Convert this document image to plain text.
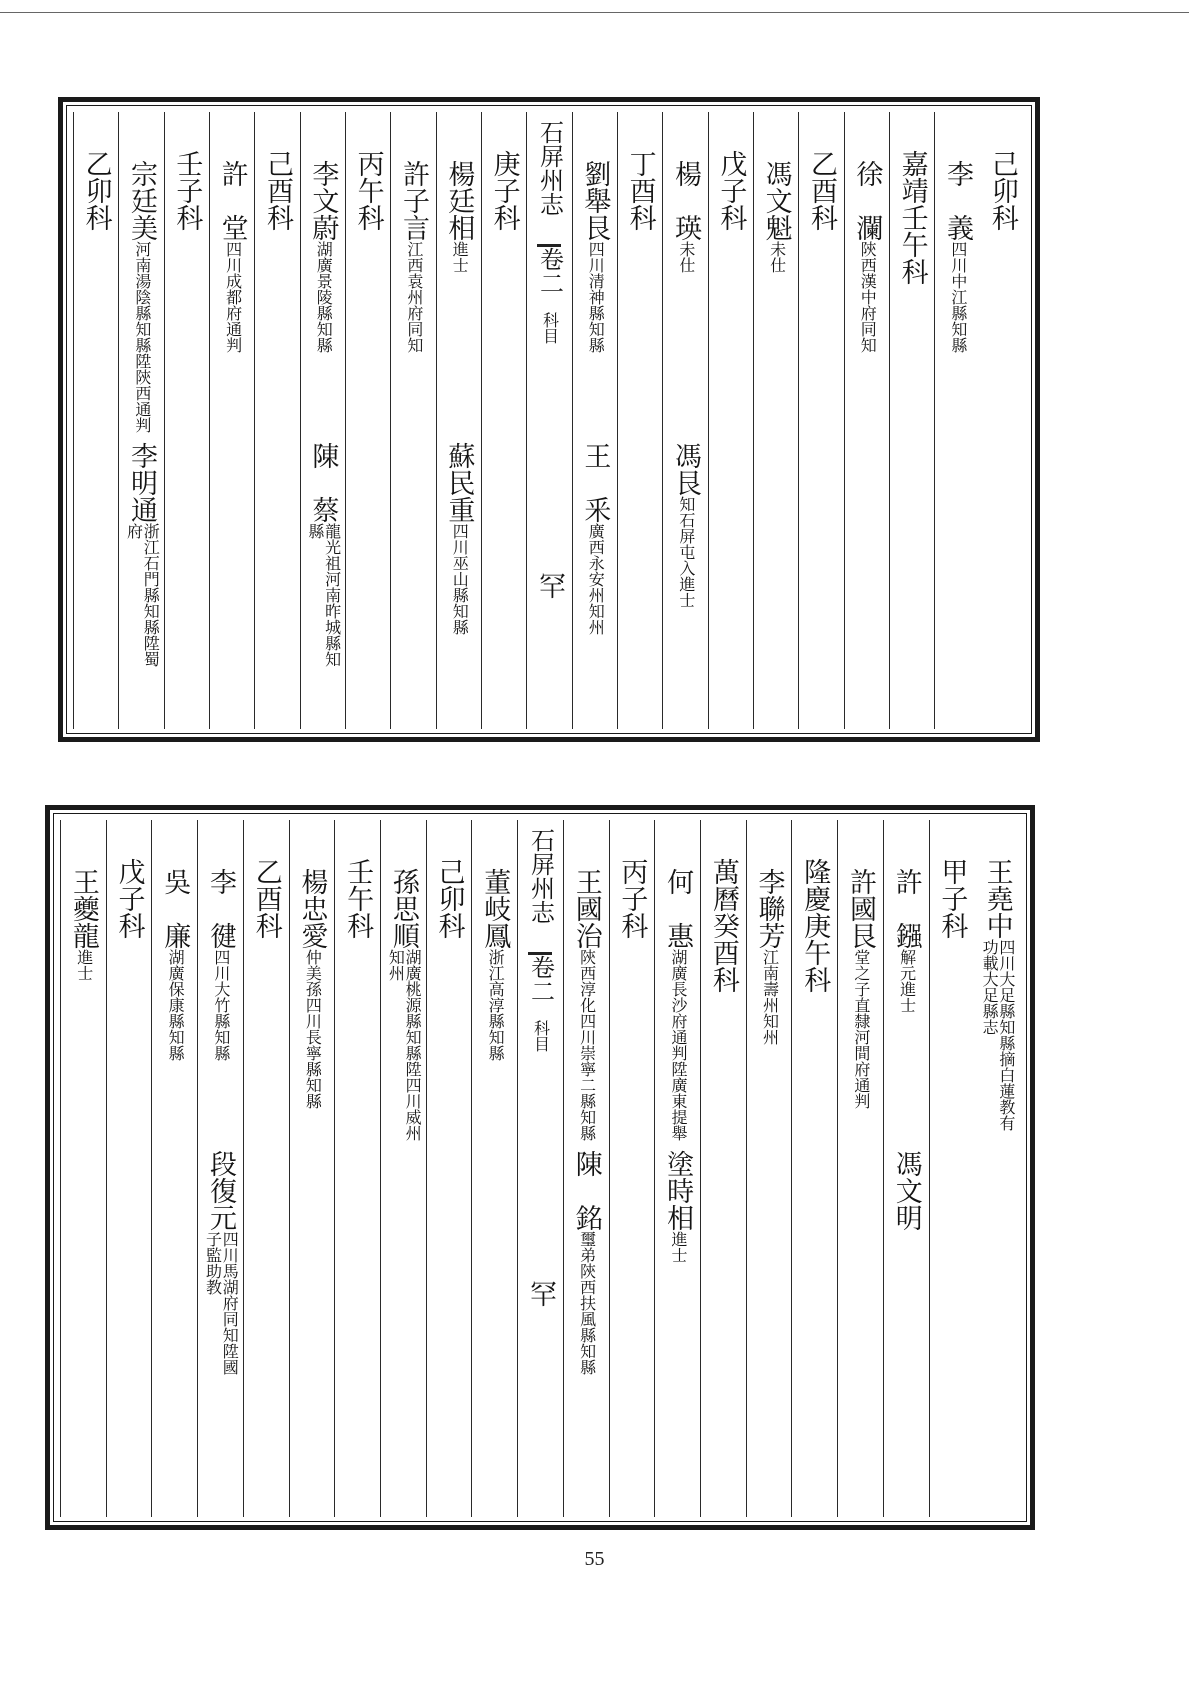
己卯科
李　義
四川中江縣知縣
嘉靖壬午科
徐　瀾
陝西漢中府同知
乙酉科
馮文魁
未仕
戊子科
楊　瑛
未仕
馮艮
知石屏屯入進士
丁酉科
劉舉艮
四川清神縣知縣
王　釆
廣西永安州知州
石屏州志
卷二
科目
罕
庚子科
楊廷相
進士
蘇民重
四川巫山縣知縣
許子言
江西袁州府同知
丙午科
李文蔚
湖廣景陵縣知縣
陳　蔡
龍光祖河南昨城縣知縣
己酉科
許　堂
四川成都府通判
壬子科
宗廷美
河南湯陰縣知縣陞陝西通判
李明通
浙江石門縣知縣陞蜀府
乙卯科
王堯中
四川大足縣知縣摘白蓮教有功載大足縣志
甲子科
許　鏹
解元進士
馮文明
許國艮
堂之子直隸河間府通判
隆慶庚午科
李聯芳
江南壽州知州
萬曆癸酉科
何　惠
湖廣長沙府通判陞廣東提舉
塗時相
進士
丙子科
王國治
陝西淳化四川崇寧二縣知縣
陳　銘
璽弟陝西扶風縣知縣
石屏州志
卷二
科目
罕
董岐鳳
浙江高淳縣知縣
己卯科
孫思順
湖廣桃源縣知縣陞四川威州知州
壬午科
楊忠愛
仲美孫四川長寧縣知縣
乙酉科
李　徤
四川大竹縣知縣
段復元
四川馬湖府同知陞國子監助教
吳　廉
湖廣保康縣知縣
戊子科
王夔龍
進士
55
